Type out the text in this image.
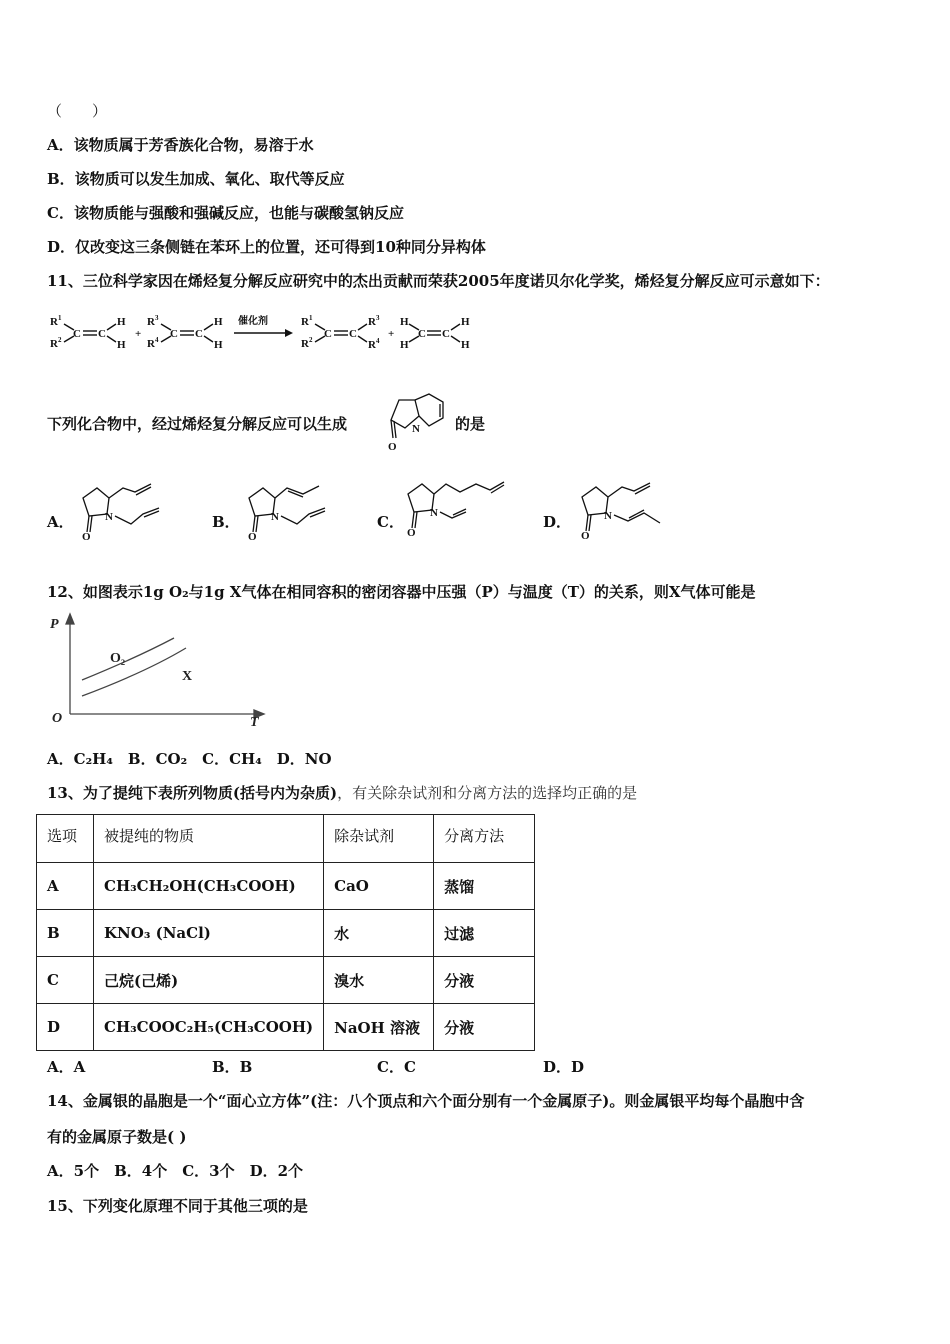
（　　）
A．该物质属于芳香族化合物，易溶于水
B．该物质可以发生加成、氧化、取代等反应
C．该物质能与强酸和强碱反应，也能与碳酸氢钠反应
D．仅改变这三条侧链在苯环上的位置，还可得到10种同分异构体
11、三位科学家因在烯烃复分解反应研究中的杰出贡献而荣获2005年度诺贝尔化学奖，烯烃复分解反应可示意如下：
R 1
R 2 C C
H
H
+
R 3
R 4 C C
H
H
R 1
R 2 C C
R 3
R 4
+
H
H
C C
H
H
催化剂
下列化合物中，经过烯烃复分解反应可以生成	N
O
的是
A．	N
O
B．	N
O
C． N
O
D．	N
O
12、如图表示1g O₂与1g X气体在相同容积的密闭容器中压强（P）与温度（T）的关系，则X气体可能是
P
T
O
O₂
X
A．C₂H₄　B．CO₂　C．CH₄　D．NO
13、为了提纯下表所列物质(括号内为杂质)，有关除杂试剂和分离方法的选择均正确的是
选项	被提纯的物质	除杂试剂	分离方法
A	CH₃CH₂OH(CH₃COOH)	CaO	蒸馏
B	KNO₃ (NaCl)	水	过滤
C	己烷(己烯)	溴水	分液
D	CH₃COOC₂H₅(CH₃COOH)	NaOH 溶液	分液
A．A	B．B	C．C	D．D
14、金属银的晶胞是一个“面心立方体”(注：八个顶点和六个面分别有一个金属原子)。则金属银平均每个晶胞中含
有的金属原子数是( )
A．5个　B．4个　C．3个　D．2个
15、下列变化原理不同于其他三项的是
